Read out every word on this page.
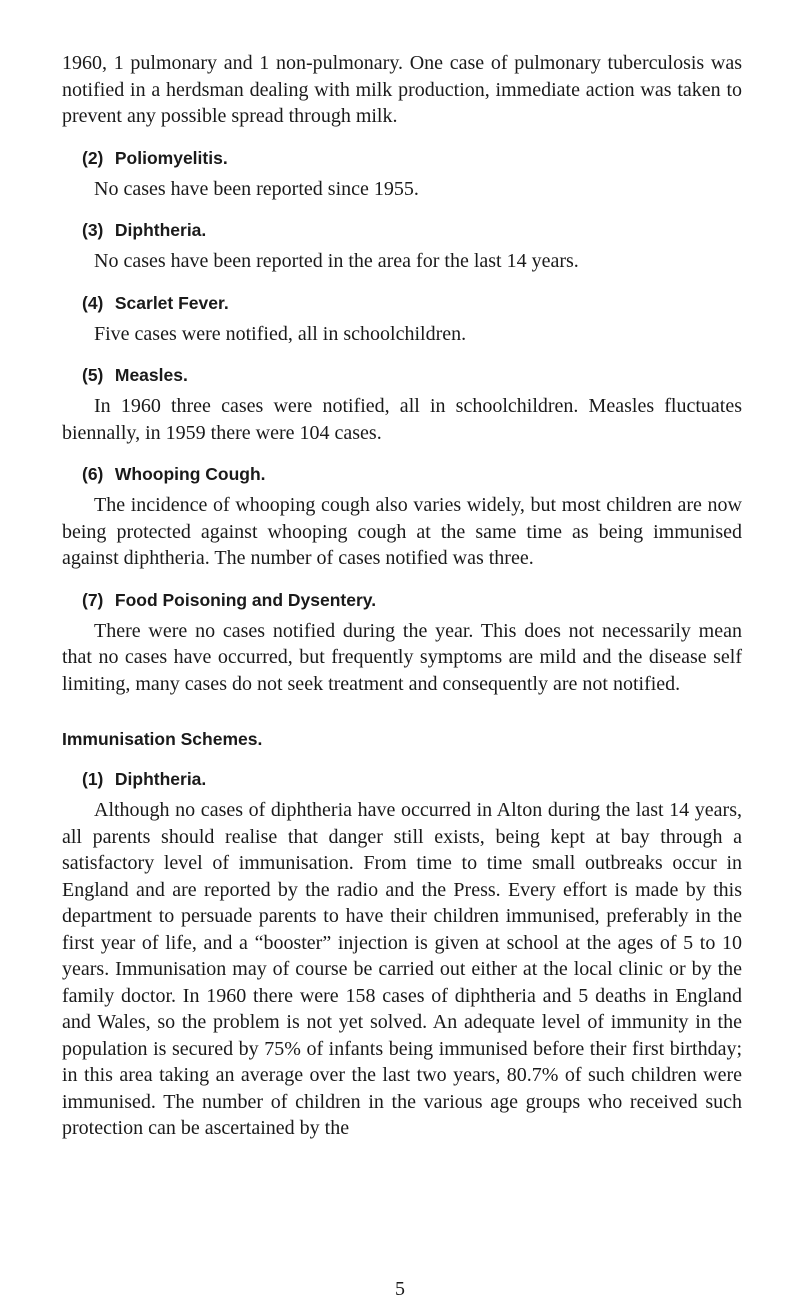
1960, 1 pulmonary and 1 non-pulmonary. One case of pulmonary tuberculosis was notified in a herdsman dealing with milk production, immediate action was taken to prevent any possible spread through milk.

(2) Poliomyelitis.

No cases have been reported since 1955.

(3) Diphtheria.

No cases have been reported in the area for the last 14 years.

(4) Scarlet Fever.

Five cases were notified, all in schoolchildren.

(5) Measles.

In 1960 three cases were notified, all in schoolchildren. Measles fluctuates biennally, in 1959 there were 104 cases.

(6) Whooping Cough.

The incidence of whooping cough also varies widely, but most children are now being protected against whooping cough at the same time as being immunised against diphtheria. The number of cases notified was three.

(7) Food Poisoning and Dysentery.

There were no cases notified during the year. This does not necessarily mean that no cases have occurred, but frequently symptoms are mild and the disease self limiting, many cases do not seek treatment and consequently are not notified.

Immunisation Schemes.
(1) Diphtheria.

Although no cases of diphtheria have occurred in Alton during the last 14 years, all parents should realise that danger still exists, being kept at bay through a satisfactory level of immunisation. From time to time small outbreaks occur in England and are reported by the radio and the Press. Every effort is made by this department to persuade parents to have their children immunised, preferably in the first year of life, and a “booster” injection is given at school at the ages of 5 to 10 years. Immunisation may of course be carried out either at the local clinic or by the family doctor. In 1960 there were 158 cases of diphtheria and 5 deaths in England and Wales, so the problem is not yet solved. An adequate level of immunity in the population is secured by 75% of infants being immunised before their first birthday; in this area taking an average over the last two years, 80.7% of such children were immunised. The number of children in the various age groups who received such protection can be ascertained by the

5
